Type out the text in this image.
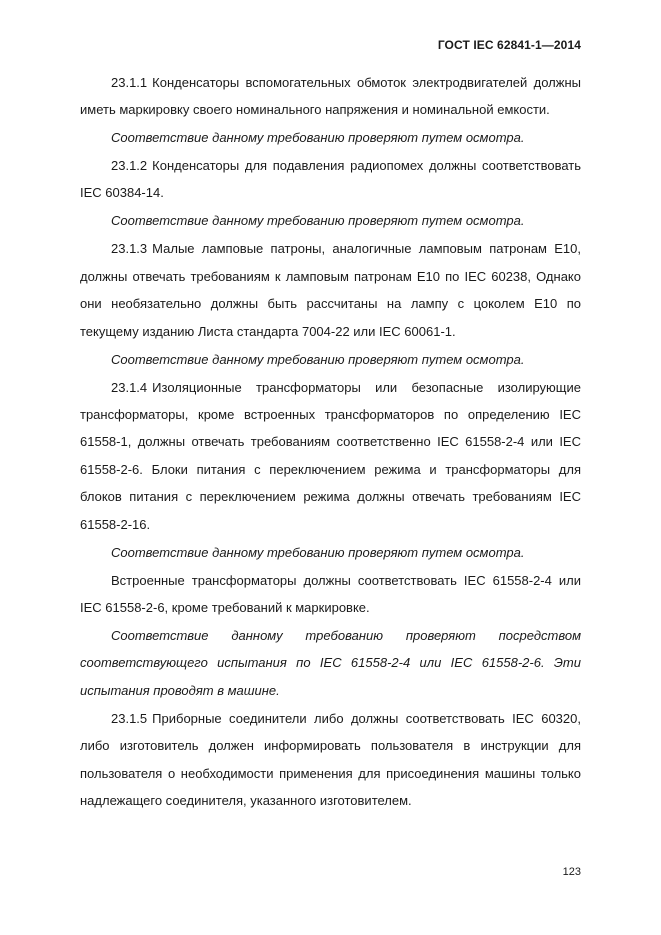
ГОСТ IEC 62841-1—2014

23.1.1 Конденсаторы вспомогательных обмоток электродвигателей должны иметь маркировку своего номинального напряжения и номинальной емкости.

Соответствие данному требованию проверяют путем осмотра.

23.1.2 Конденсаторы для подавления радиопомех должны соответствовать IEC 60384-14.

Соответствие данному требованию проверяют путем осмотра.

23.1.3 Малые ламповые патроны, аналогичные ламповым патронам E10, должны отвечать требованиям к ламповым патронам E10 по IEC 60238, Однако они необязательно должны быть рассчитаны на лампу с цоколем E10 по текущему изданию Листа стандарта 7004-22 или IEC 60061-1.

Соответствие данному требованию проверяют путем осмотра.

23.1.4 Изоляционные трансформаторы или безопасные изолирующие трансформаторы, кроме встроенных трансформаторов по определению IEC 61558-1, должны отвечать требованиям соответственно IEC 61558-2-4 или IEC 61558-2-6. Блоки питания с переключением режима и трансформаторы для блоков питания с переключением режима должны отвечать требованиям IEC 61558-2-16.

Соответствие данному требованию проверяют путем осмотра.

Встроенные трансформаторы должны соответствовать IEC 61558-2-4 или IEC 61558-2-6, кроме требований к маркировке.

Соответствие данному требованию проверяют посредством соответствующего испытания по IEC 61558-2-4 или IEC 61558-2-6. Эти испытания проводят в машине.

23.1.5 Приборные соединители либо должны соответствовать IEC 60320, либо изготовитель должен информировать пользователя в инструкции для пользователя о необходимости применения для присоединения машины только надлежащего соединителя, указанного изготовителем.

123
